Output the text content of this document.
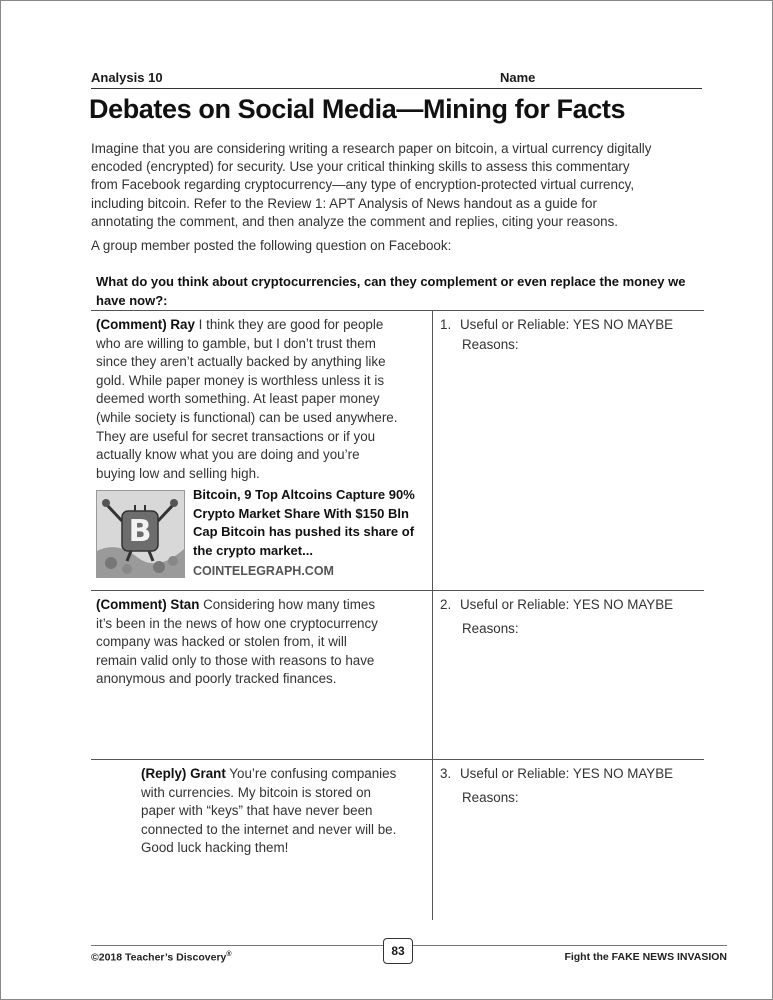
Analysis 10	Name
Debates on Social Media—Mining for Facts
Imagine that you are considering writing a research paper on bitcoin, a virtual currency digitally
encoded (encrypted) for security. Use your critical thinking skills to assess this commentary
from Facebook regarding cryptocurrency—any type of encryption-protected virtual currency,
including bitcoin. Refer to the Review 1: APT Analysis of News handout as a guide for
annotating the comment, and then analyze the comment and replies, citing your reasons.
A group member posted the following question on Facebook:
What do you think about cryptocurrencies, can they complement or even replace the money we
have now?:
(Comment) Ray I think they are good for people
who are willing to gamble, but I don’t trust them
since they aren’t actually backed by anything like
gold. While paper money is worthless unless it is
deemed worth something. At least paper money
(while society is functional) can be used anywhere.
They are useful for secret transactions or if you
actually know what you are doing and you’re
buying low and selling high.
B
Bitcoin, 9 Top Altcoins Capture 90%
Crypto Market Share With $150 Bln
Cap Bitcoin has pushed its share of
the crypto market...
COINTELEGRAPH.COM
1. Useful or Reliable: YES NO MAYBE
Reasons:
(Comment) Stan Considering how many times
it’s been in the news of how one cryptocurrency
company was hacked or stolen from, it will
remain valid only to those with reasons to have
anonymous and poorly tracked finances.
2. Useful or Reliable: YES NO MAYBE
Reasons:
(Reply) Grant You’re confusing companies
with currencies. My bitcoin is stored on
paper with “keys” that have never been
connected to the internet and never will be.
Good luck hacking them!
3. Useful or Reliable: YES NO MAYBE
Reasons:
©2018 Teacher’s Discovery®	Fight the FAKE NEWS INVASION
83
